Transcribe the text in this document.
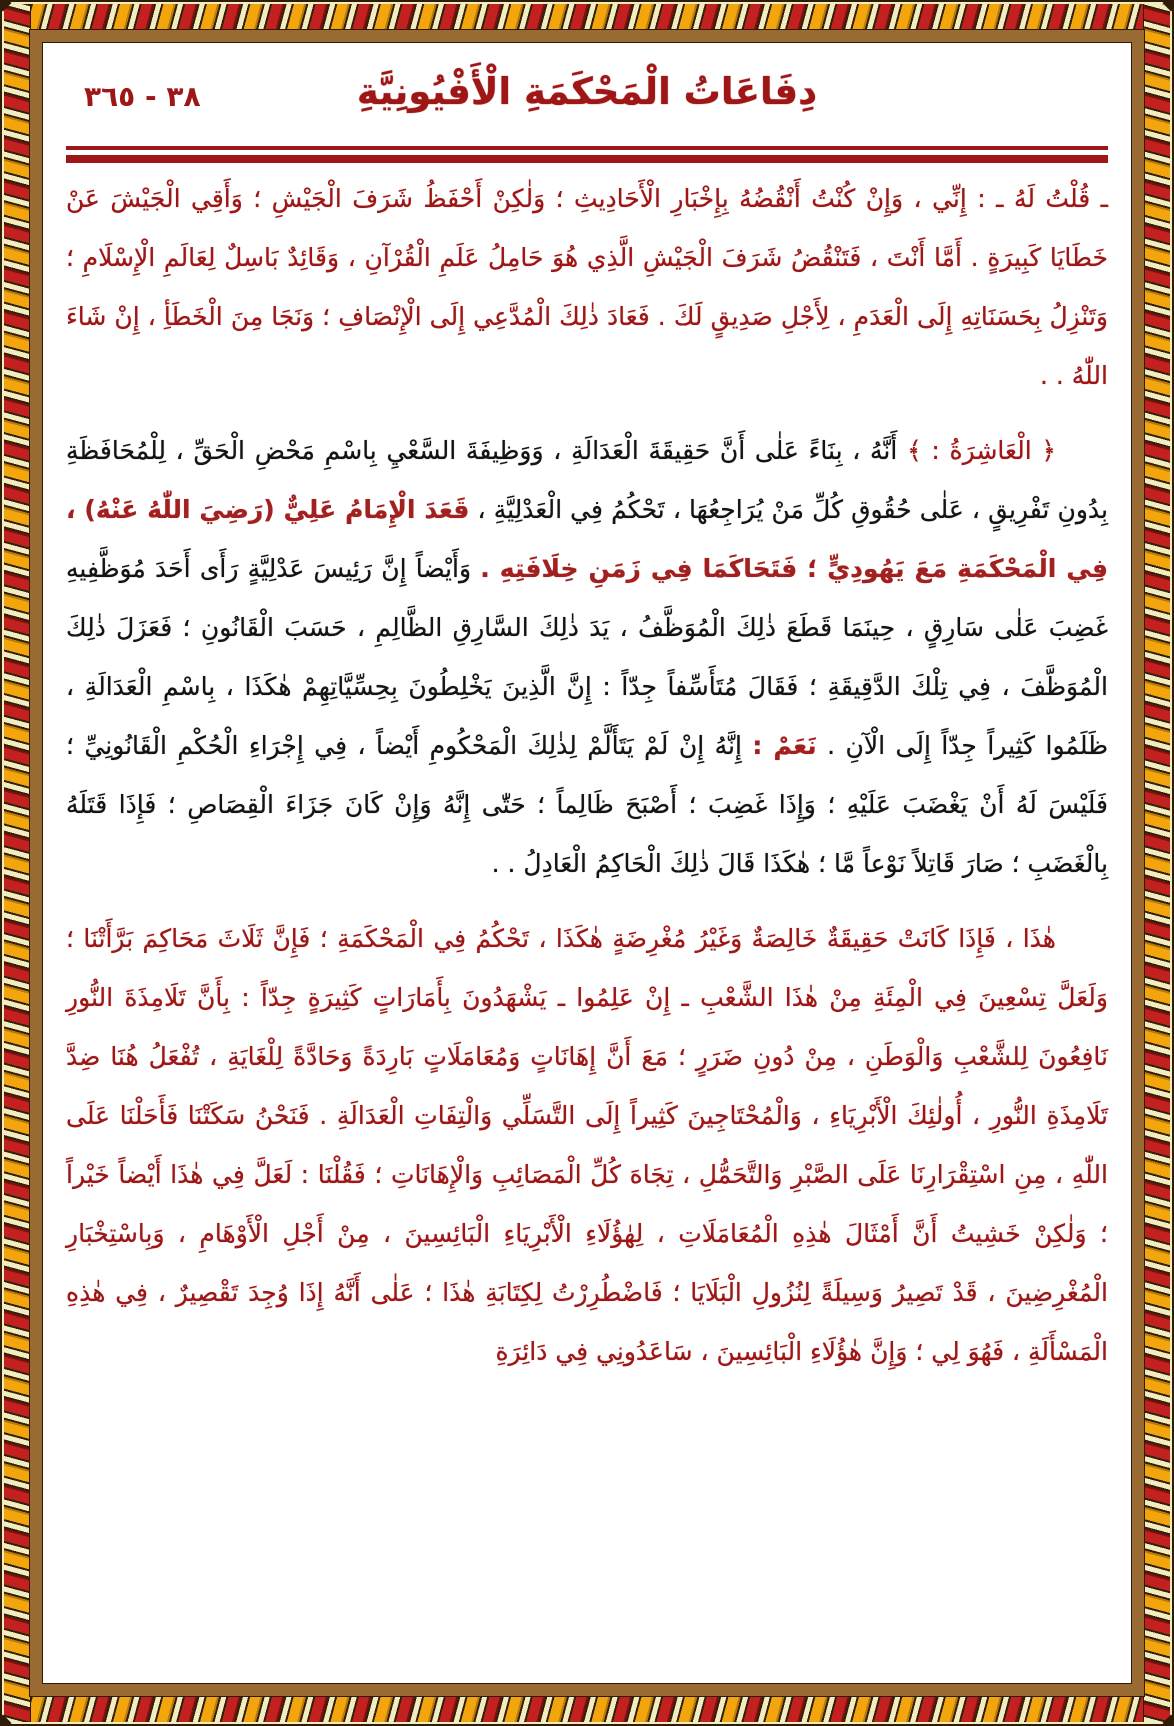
٣٨ - ٣٦٥	دِفَاعَاتُ الْمَحْكَمَةِ الْأَفْيُونِيَّةِ

ـ قُلْتُ لَهُ ـ : إِنِّي ، وَإِنْ كُنْتُ أَنْقُضُهُ بِإِخْبَارِ الْأَحَادِيثِ ؛ وَلٰكِنْ أَحْفَظُ شَرَفَ الْجَيْشِ ؛ وَأَقِي الْجَيْشَ عَنْ خَطَايَا كَبِيرَةٍ . أَمَّا أَنْتَ ، فَتَنْقُضُ شَرَفَ الْجَيْشِ الَّذِي هُوَ حَامِلُ عَلَمِ الْقُرْآنِ ، وَقَائِدٌ بَاسِلٌ لِعَالَمِ الْإِسْلَامِ ؛ وَتَنْزِلُ بِحَسَنَاتِهِ إِلَى الْعَدَمِ ، لِأَجْلِ صَدِيقٍ لَكَ . فَعَادَ ذٰلِكَ الْمُدَّعِي إِلَى الْإِنْصَافِ ؛ وَنَجَا مِنَ الْخَطَأِ ، إِنْ شَاءَ اللّٰهُ . .

﴿ الْعَاشِرَةُ : ﴾ أَنَّهُ ، بِنَاءً عَلٰى أَنَّ حَقِيقَةَ الْعَدَالَةِ ، وَوَظِيفَةَ السَّعْيِ بِاسْمِ مَحْضِ الْحَقِّ ، لِلْمُحَافَظَةِ بِدُونِ تَفْرِيقٍ ، عَلٰى حُقُوقِ كُلِّ مَنْ يُرَاجِعُهَا ، تَحْكُمُ فِي الْعَدْلِيَّةِ ، قَعَدَ الْإِمَامُ عَلِيٌّ (رَضِيَ اللّٰهُ عَنْهُ) ، فِي الْمَحْكَمَةِ مَعَ يَهُودِيٍّ ؛ فَتَحَاكَمَا فِي زَمَنِ خِلَافَتِهِ . وَأَيْضاً إِنَّ رَئِيسَ عَدْلِيَّةٍ رَأَى أَحَدَ مُوَظَّفِيهِ غَضِبَ عَلٰى سَارِقٍ ، حِينَمَا قَطَعَ ذٰلِكَ الْمُوَظَّفُ ، يَدَ ذٰلِكَ السَّارِقِ الظَّالِمِ ، حَسَبَ الْقَانُونِ ؛ فَعَزَلَ ذٰلِكَ الْمُوَظَّفَ ، فِي تِلْكَ الدَّقِيقَةِ ؛ فَقَالَ مُتَأَسِّفاً جِدّاً : إِنَّ الَّذِينَ يَخْلِطُونَ بِحِسِّيَّاتِهِمْ هٰكَذَا ، بِاسْمِ الْعَدَالَةِ ، ظَلَمُوا كَثِيراً جِدّاً إِلَى الْآنِ . نَعَمْ : إِنَّهُ إِنْ لَمْ يَتَأَلَّمْ لِذٰلِكَ الْمَحْكُومِ أَيْضاً ، فِي إِجْرَاءِ الْحُكْمِ الْقَانُونِيِّ ؛ فَلَيْسَ لَهُ أَنْ يَغْضَبَ عَلَيْهِ ؛ وَإِذَا غَضِبَ ؛ أَصْبَحَ ظَالِماً ؛ حَتّٰى إِنَّهُ وَإِنْ كَانَ جَزَاءَ الْقِصَاصِ ؛ فَإِذَا قَتَلَهُ بِالْغَضَبِ ؛ صَارَ قَاتِلاً نَوْعاً مَّا ؛ هٰكَذَا قَالَ ذٰلِكَ الْحَاكِمُ الْعَادِلُ . .

هٰذَا ، فَإِذَا كَانَتْ حَقِيقَةٌ خَالِصَةٌ وَغَيْرُ مُغْرِضَةٍ هٰكَذَا ، تَحْكُمُ فِي الْمَحْكَمَةِ ؛ فَإِنَّ ثَلَاثَ مَحَاكِمَ بَرَّأَتْنَا ؛ وَلَعَلَّ تِسْعِينَ فِي الْمِئَةِ مِنْ هٰذَا الشَّعْبِ ـ إِنْ عَلِمُوا ـ يَشْهَدُونَ بِأَمَارَاتٍ كَثِيرَةٍ جِدّاً : بِأَنَّ تَلَامِذَةَ النُّورِ نَافِعُونَ لِلشَّعْبِ وَالْوَطَنِ ، مِنْ دُونِ ضَرَرٍ ؛ مَعَ أَنَّ إِهَانَاتٍ وَمُعَامَلَاتٍ بَارِدَةً وَحَادَّةً لِلْغَايَةِ ، تُفْعَلُ هُنَا ضِدَّ تَلَامِذَةِ النُّورِ ، أُولٰئِكَ الْأَبْرِيَاءِ ، وَالْمُحْتَاجِينَ كَثِيراً إِلَى التَّسَلِّي وَالْتِفَاتِ الْعَدَالَةِ . فَنَحْنُ سَكَتْنَا فَأَحَلْنَا عَلَى اللّٰهِ ، مِنِ اسْتِقْرَارِنَا عَلَى الصَّبْرِ وَالتَّحَمُّلِ ، تِجَاهَ كُلِّ الْمَصَائِبِ وَالْإِهَانَاتِ ؛ فَقُلْنَا : لَعَلَّ فِي هٰذَا أَيْضاً خَيْراً ؛ وَلٰكِنْ خَشِيتُ أَنَّ أَمْثَالَ هٰذِهِ الْمُعَامَلَاتِ ، لِهٰؤُلَاءِ الْأَبْرِيَاءِ الْبَائِسِينَ ، مِنْ أَجْلِ الْأَوْهَامِ ، وَبِاسْتِخْبَارِ الْمُغْرِضِينَ ، قَدْ تَصِيرُ وَسِيلَةً لِنُزُولِ الْبَلَايَا ؛ فَاضْطُرِرْتُ لِكِتَابَةِ هٰذَا ؛ عَلٰى أَنَّهُ إِذَا وُجِدَ تَقْصِيرٌ ، فِي هٰذِهِ الْمَسْأَلَةِ ، فَهُوَ لِي ؛ وَإِنَّ هٰؤُلَاءِ الْبَائِسِينَ ، سَاعَدُونِي فِي دَائِرَةِ
